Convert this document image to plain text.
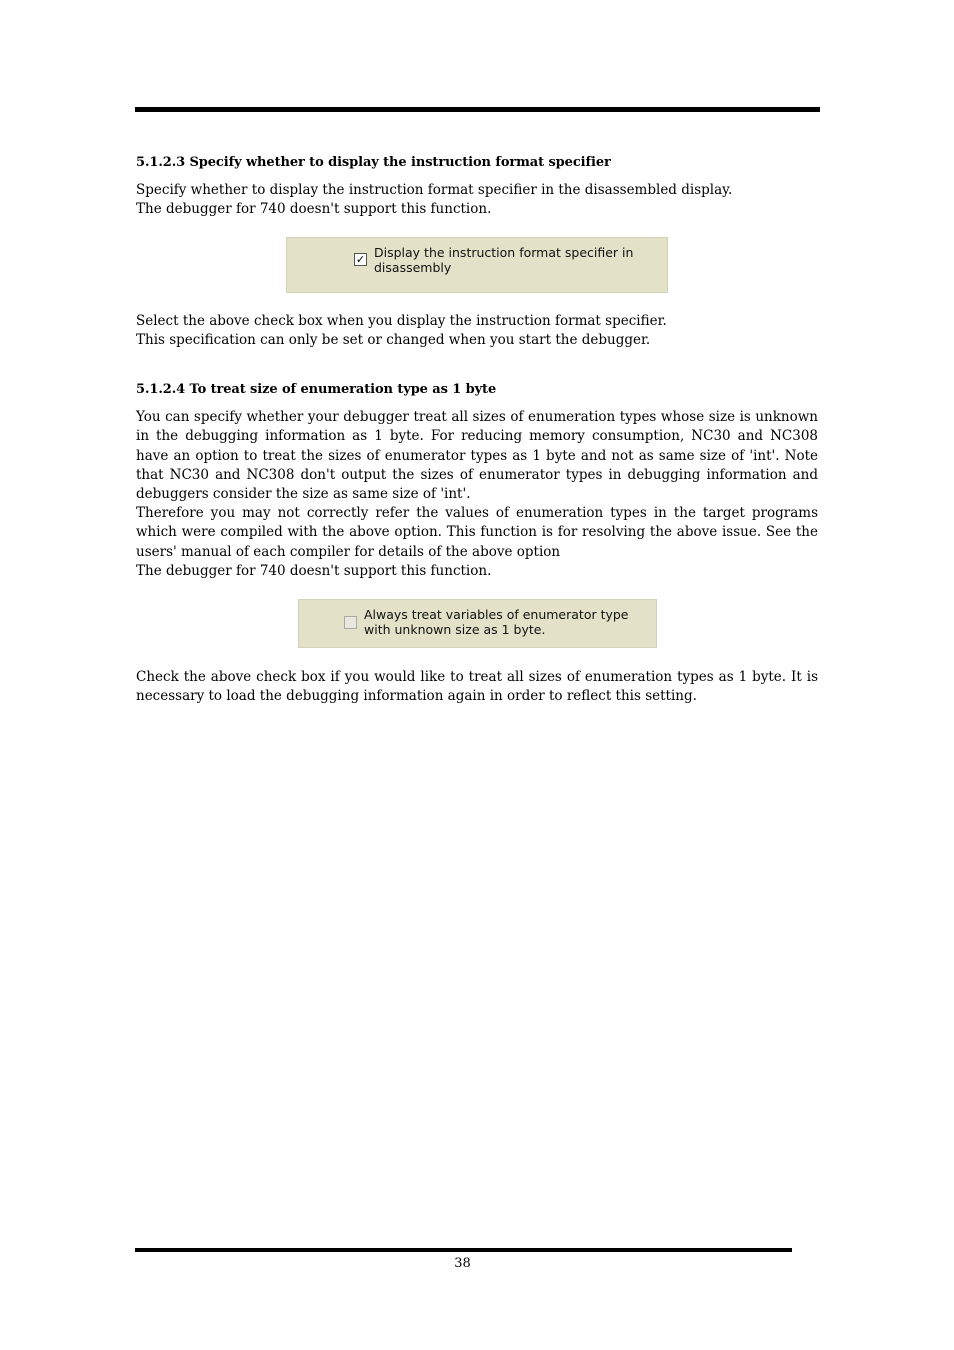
5.1.2.3 Specify whether to display the instruction format specifier
Specify whether to display the instruction format specifier in the disassembled display.
The debugger for 740 doesn't support this function.
✓ Display the instruction format specifier in
disassembly
Select the above check box when you display the instruction format specifier.
This specification can only be set or changed when you start the debugger.
5.1.2.4 To treat size of enumeration type as 1 byte
You can specify whether your debugger treat all sizes of enumeration types whose size is unknown in the debugging information as 1 byte. For reducing memory consumption, NC30 and NC308 have an option to treat the sizes of enumerator types as 1 byte and not as same size of 'int'. Note that NC30 and NC308 don't output the sizes of enumerator types in debugging information and debuggers consider the size as same size of 'int'.
Therefore you may not correctly refer the values of enumeration types in the target programs which were compiled with the above option. This function is for resolving the above issue. See the users' manual of each compiler for details of the above option
The debugger for 740 doesn't support this function.
Always treat variables of enumerator type
with unknown size as 1 byte.
Check the above check box if you would like to treat all sizes of enumeration types as 1 byte. It is necessary to load the debugging information again in order to reflect this setting.
38
